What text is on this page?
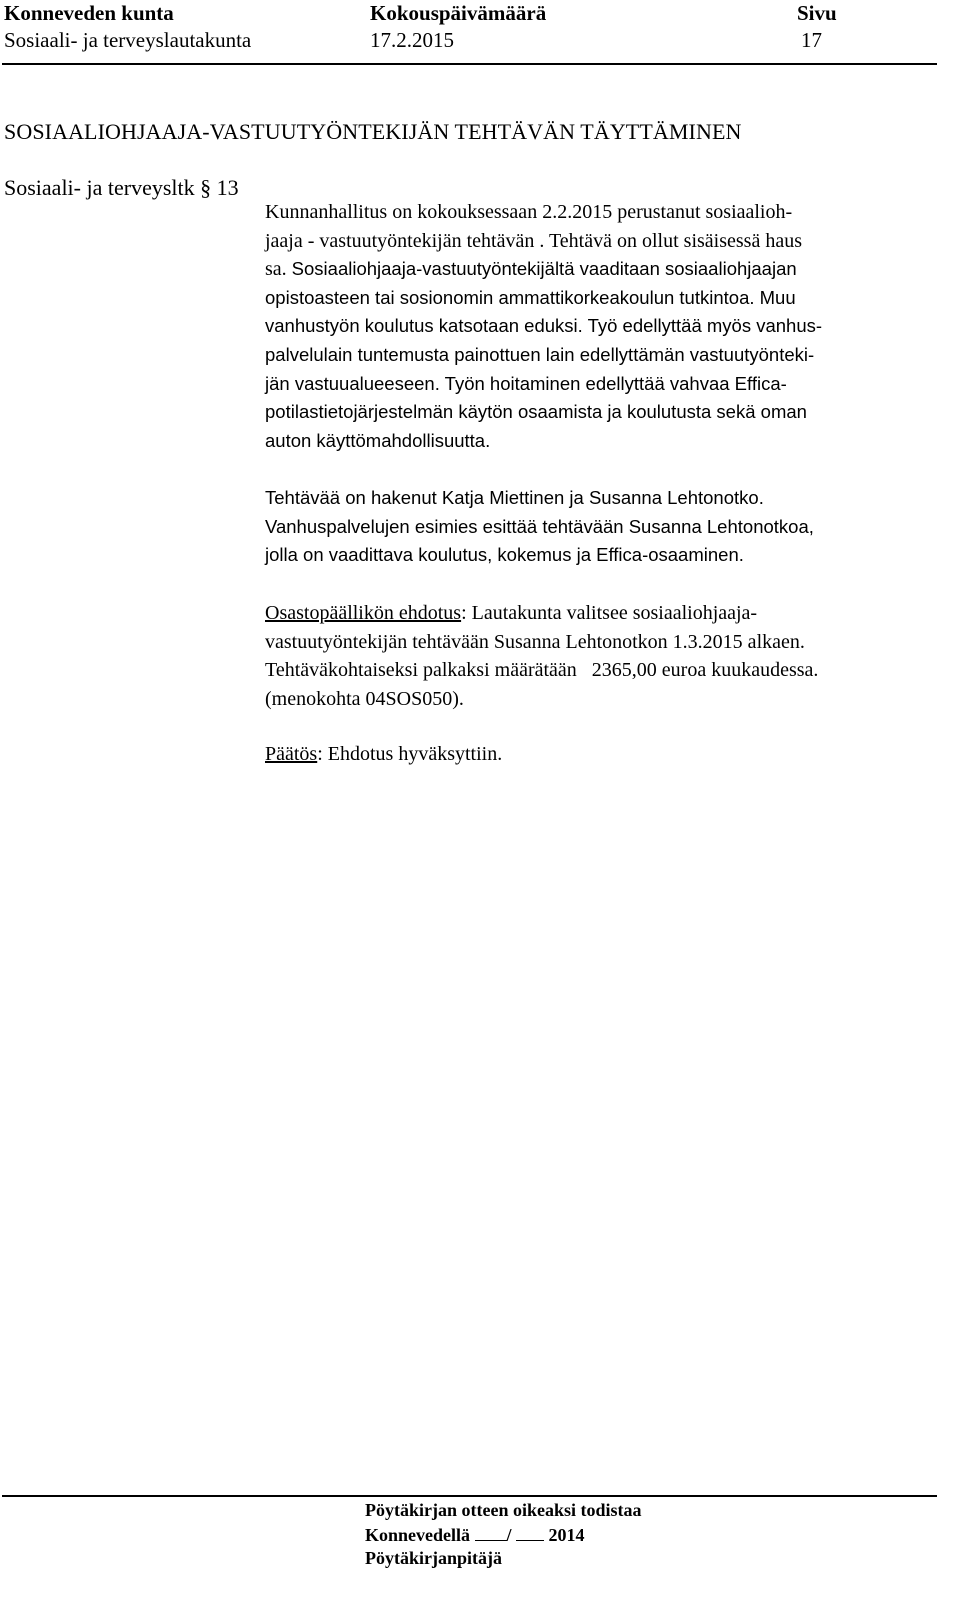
Konneveden kunta
Sosiaali- ja terveyslautakunta
Kokouspäivämäärä
17.2.2015
Sivu
17
SOSIAALIOHJAAJA-VASTUUTYÖNTEKIJÄN TEHTÄVÄN TÄYTTÄMINEN
Sosiaali- ja terveysltk § 13
Kunnanhallitus on kokouksessaan 2.2.2015 perustanut sosiaalioh-
jaaja - vastuutyöntekijän tehtävän . Tehtävä on ollut sisäisessä haus
sa. Sosiaaliohjaaja-vastuutyöntekijältä vaaditaan sosiaaliohjaajan
opistoasteen tai sosionomin ammattikorkeakoulun tutkintoa. Muu
vanhustyön koulutus katsotaan eduksi. Työ edellyttää myös vanhus-
palvelulain tuntemusta painottuen lain edellyttämän vastuutyönteki-
jän vastuualueeseen. Työn hoitaminen edellyttää vahvaa Effica-
potilastietojärjestelmän käytön osaamista ja koulutusta sekä oman
auton käyttömahdollisuutta.
Tehtävää on hakenut Katja Miettinen ja Susanna Lehtonotko.
Vanhuspalvelujen esimies esittää tehtävään Susanna Lehtonotkoa,
jolla on vaadittava koulutus, kokemus ja Effica-osaaminen.
Osastopäällikön ehdotus: Lautakunta valitsee sosiaaliohjaaja-
vastuutyöntekijän tehtävään Susanna Lehtonotkon 1.3.2015 alkaen.
Tehtäväkohtaiseksi palkaksi määrätään   2365,00 euroa kuukaudessa.
(menokohta 04SOS050).
Päätös: Ehdotus hyväksyttiin.
Pöytäkirjan otteen oikeaksi todistaa
Konnevedellä / 2014
Pöytäkirjanpitäjä
